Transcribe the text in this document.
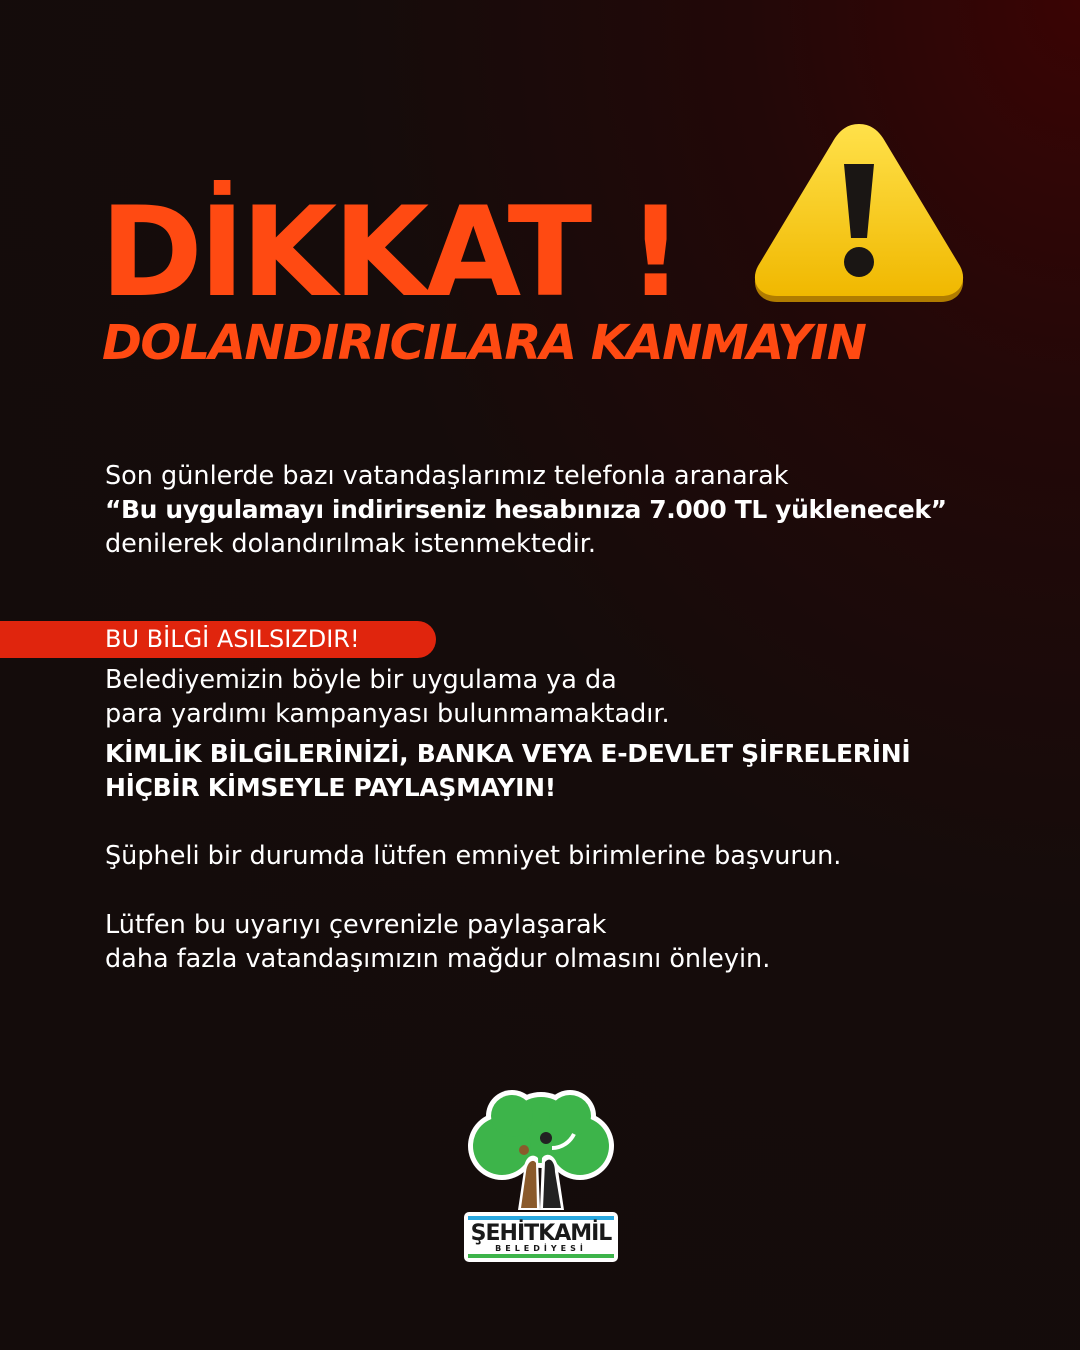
DİKKAT !
DOLANDIRICILARA KANMAYIN
Son günlerde bazı vatandaşlarımız telefonla aranarak
“Bu uygulamayı indirirseniz hesabınıza 7.000 TL yüklenecek”
denilerek dolandırılmak istenmektedir.
BU BİLGİ ASILSIZDIR!
Belediyemizin böyle bir uygulama ya da
para yardımı kampanyası bulunmamaktadır.
KİMLİK BİLGİLERİNİZİ, BANKA VEYA E-DEVLET ŞİFRELERİNİ
HİÇBİR KİMSEYLE PAYLAŞMAYIN!
Şüpheli bir durumda lütfen emniyet birimlerine başvurun.
Lütfen bu uyarıyı çevrenizle paylaşarak
daha fazla vatandaşımızın mağdur olmasını önleyin.
ŞEHİTKAMİL
BELEDİYESİ
